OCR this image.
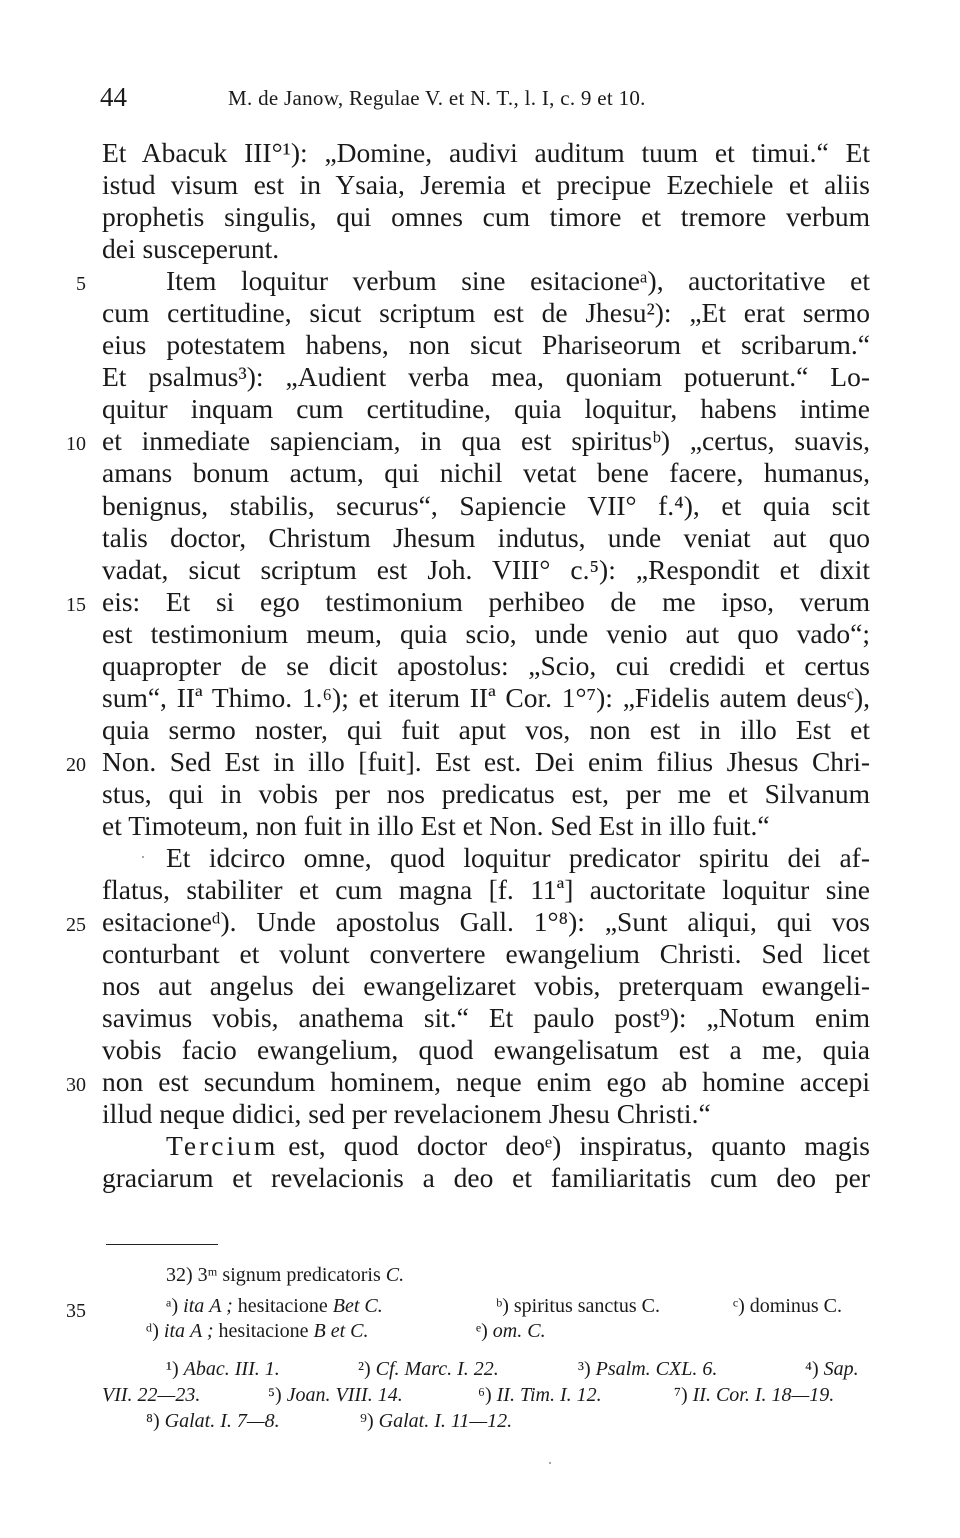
44	M. de Janow, Regulae V. et N. T., l. I, c. 9 et 10.
Et Abacuk III°¹): „Domine, audivi auditum tuum et timui.“ Et
istud visum est in Ysaia, Jeremia et precipue Ezechiele et aliis
prophetis singulis, qui omnes cum timore et tremore verbum
dei susceperunt.
Item loquitur verbum sine esitacioneᵃ), auctoritative et
cum certitudine, sicut scriptum est de Jhesu²): „Et erat sermo
eius potestatem habens, non sicut Phariseorum et scribarum.“
Et psalmus³): „Audient verba mea, quoniam potuerunt.“ Lo-
quitur inquam cum certitudine, quia loquitur, habens intime
et inmediate sapienciam, in qua est spiritusᵇ) „certus, suavis,
amans bonum actum, qui nichil vetat bene facere, humanus,
benignus, stabilis, securus“, Sapiencie VII° f.⁴), et quia scit
talis doctor, Christum Jhesum indutus, unde veniat aut quo
vadat, sicut scriptum est Joh. VIII° c.⁵): „Respondit et dixit
eis: Et si ego testimonium perhibeo de me ipso, verum
est testimonium meum, quia scio, unde venio aut quo vado“;
quapropter de se dicit apostolus: „Scio, cui credidi et certus
sum“, IIª Thimo. 1.⁶); et iterum IIª Cor. 1°⁷): „Fidelis autem deusᶜ),
quia sermo noster, qui fuit aput vos, non est in illo Est et
Non. Sed Est in illo [fuit]. Est est. Dei enim filius Jhesus Chri-
stus, qui in vobis per nos predicatus est, per me et Silvanum
et Timoteum, non fuit in illo Est et Non. Sed Est in illo fuit.“
Et idcirco omne, quod loquitur predicator spiritu dei af-
flatus, stabiliter et cum magna [f. 11ª] auctoritate loquitur sine
esitacioneᵈ). Unde apostolus Gall. 1°⁸): „Sunt aliqui, qui vos
conturbant et volunt convertere ewangelium Christi. Sed licet
nos aut angelus dei ewangelizaret vobis, preterquam ewangeli-
savimus vobis, anathema sit.“ Et paulo post⁹): „Notum enim
vobis facio ewangelium, quod ewangelisatum est a me, quia
non est secundum hominem, neque enim ego ab homine accepi
illud neque didici, sed per revelacionem Jhesu Christi.“
Tercium est, quod doctor deoᵉ) inspiratus, quanto magis
graciarum et revelacionis a deo et familiaritatis cum deo per
5
10
15
20
25
30
35
32) 3ᵐ signum predicatoris C.
ᵃ) ita A ; hesitacione Bet C.	ᵇ) spiritus sanctus C.	ᶜ) dominus C.
ᵈ) ita A ; hesitacione B et C.	ᵉ) om. C.
¹) Abac. III. 1.	²) Cf. Marc. I. 22.	³) Psalm. CXL. 6.	⁴) Sap.
VII. 22—23.	⁵) Joan. VIII. 14.	⁶) II. Tim. I. 12.	⁷) II. Cor. I. 18—19.
⁸) Galat. I. 7—8.	⁹) Galat. I. 11—12.
